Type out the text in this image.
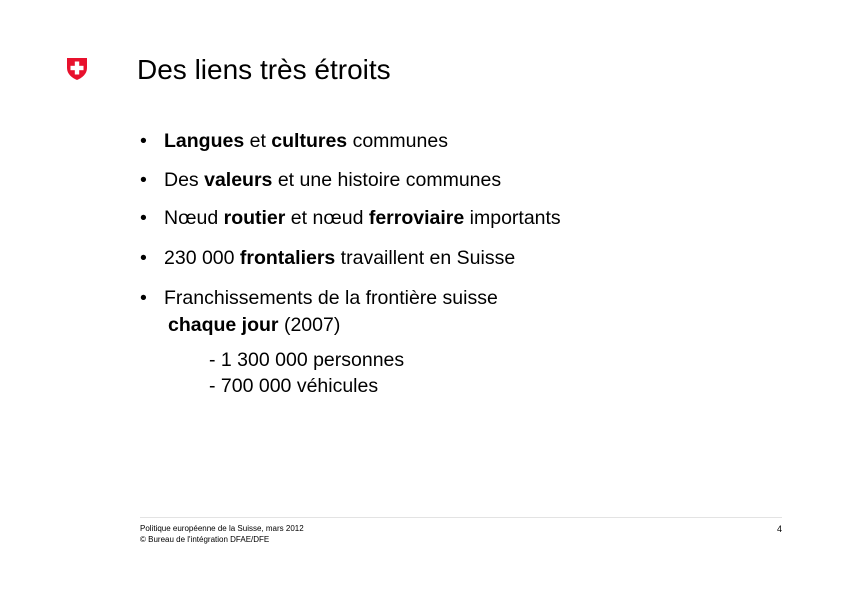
Des liens très étroits
• Langues et cultures communes
• Des valeurs et une histoire communes
• Nœud routier et nœud ferroviaire importants
• 230 000 frontaliers travaillent en Suisse
• Franchissements de la frontière suisse
chaque jour (2007)
- 1 300 000 personnes
- 700 000 véhicules
Politique européenne de la Suisse, mars 2012
© Bureau de l'intégration DFAE/DFE
4
